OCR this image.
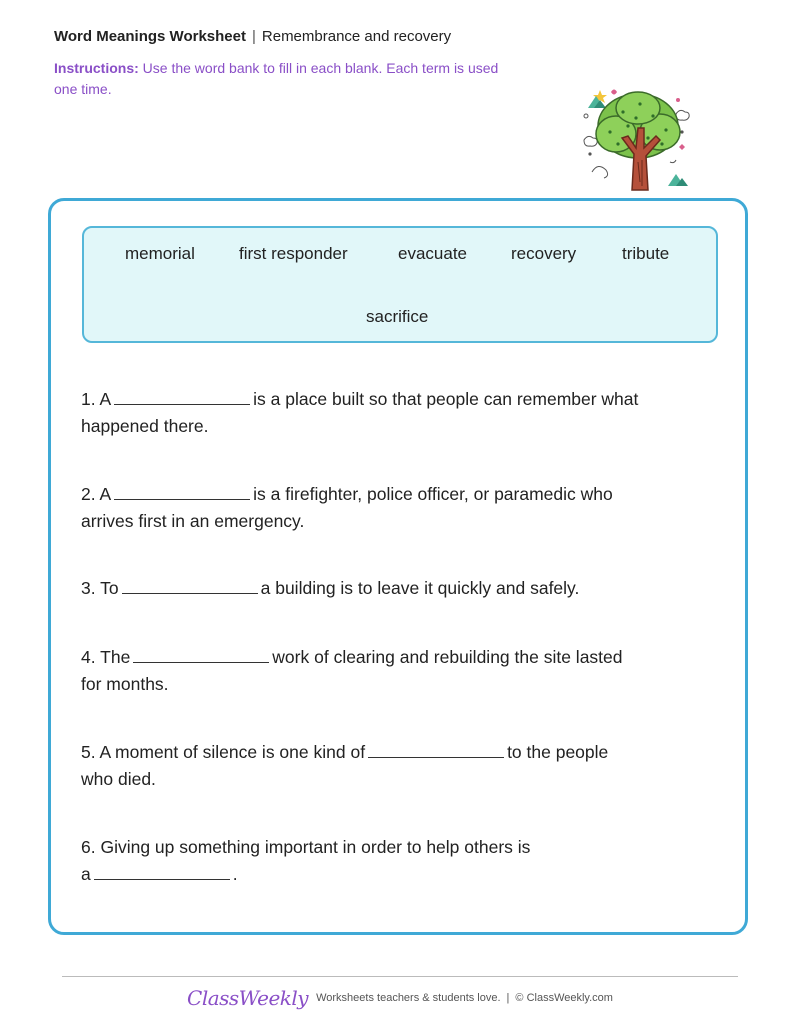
Word Meanings Worksheet | Remembrance and recovery
Instructions: Use the word bank to fill in each blank. Each term is used one time.
memorial	first responder	evacuate	recovery	tribute
sacrifice
1. A	is a place built so that people can remember what
happened there.
2. A	is a firefighter, police officer, or paramedic who
arrives first in an emergency.
3. To	a building is to leave it quickly and safely.
4. The	work of clearing and rebuilding the site lasted
for months.
5. A moment of silence is one kind of	to the people
who died.
6. Giving up something important in order to help others is
a	.
ClassWeekly Worksheets teachers & students love. | © ClassWeekly.com
